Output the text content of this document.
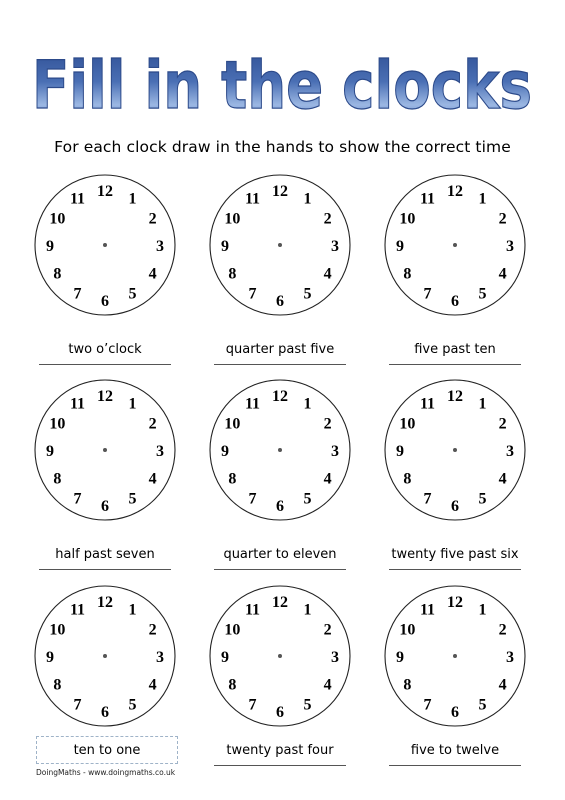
Fill in the clocks
For each clock draw in the hands to show the correct time
12 1
2
3
4
5
6
7
8
9
10
11
two o’clock
12 1
2
3
4
5
6
7
8
9
10
11
quarter past five
12 1
2
3
4
5
6
7
8
9
10
11
five past ten
12 1
2
3
4
5
6
7
8
9
10
11
half past seven
12 1
2
3
4
5
6
7
8
9
10
11
quarter to eleven
12 1
2
3
4
5
6
7
8
9
10
11
twenty five past six
12 1
2
3
4
5
6
7
8
9
10
11
ten to one
12 1
2
3
4
5
6
7
8
9
10
11
twenty past four
12 1
2
3
4
5
6
7
8
9
10
11
five to twelve
DoingMaths - www.doingmaths.co.uk
